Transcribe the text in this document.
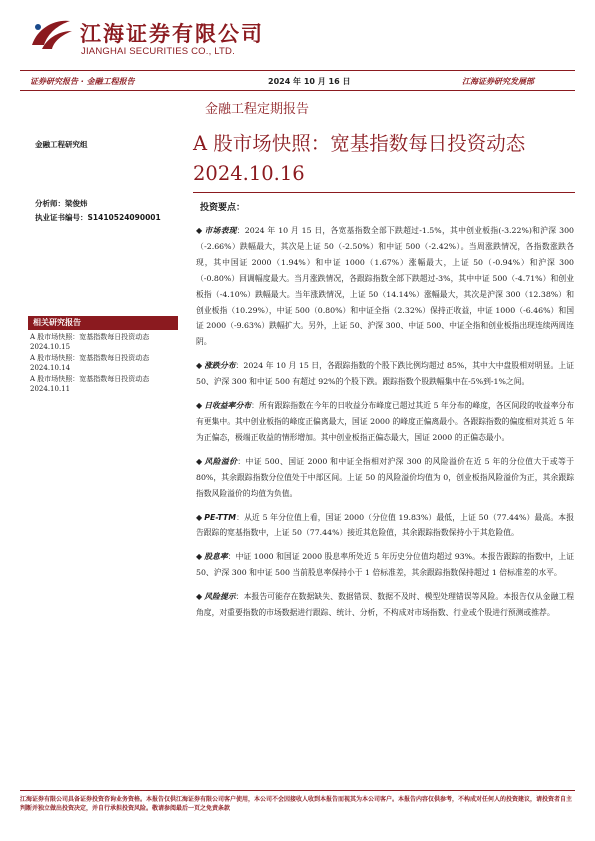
江海证券有限公司
JIANGHAI SECURITIES CO., LTD.
证券研究报告 · 金融工程报告	2024 年 10 月 16 日	江海证券研究发展部
金融工程定期报告
A 股市场快照：宽基指数每日投资动态
2024.10.16
金融工程研究组
分析师：梁俊炜
执业证书编号：S1410524090001
相关研究报告
A 股市场快照：宽基指数每日投资动态 2024.10.15
A 股市场快照：宽基指数每日投资动态 2024.10.14
A 股市场快照：宽基指数每日投资动态 2024.10.11
投资要点：
◆ 市场表现：2024 年 10 月 15 日，各宽基指数全部下跌超过-1.5%，其中创业板指(-3.22%)和沪深 300（-2.66%）跌幅最大，其次是上证 50（-2.50%）和中证 500（-2.42%）。当周涨跌情况，各指数涨跌各现，其中国证 2000（1.94%）和中证 1000（1.67%）涨幅最大，上证 50（-0.94%）和沪深 300（-0.80%）回调幅度最大。当月涨跌情况，各跟踪指数全部下跌超过-3%，其中中证 500（-4.71%）和创业板指（-4.10%）跌幅最大。当年涨跌情况，上证 50（14.14%）涨幅最大，其次是沪深 300（12.38%）和创业板指（10.29%），中证 500（0.80%）和中证全指（2.32%）保持正收益，中证 1000（-6.46%）和国证 2000（-9.63%）跌幅扩大。另外，上证 50、沪深 300、中证 500、中证全指和创业板指出现连续两周连阴。
◆ 涨跌分布：2024 年 10 月 15 日，各跟踪指数的个股下跌比例均超过 85%，其中大中盘股相对明显。上证 50、沪深 300 和中证 500 有超过 92%的个股下跌。跟踪指数个股跌幅集中在-5%到-1%之间。
◆ 日收益率分布：所有跟踪指数在今年的日收益分布峰度已超过其近 5 年分布的峰度，各区间段的收益率分布有更集中。其中创业板指的峰度正偏离最大，国证 2000 的峰度正偏离最小。各跟踪指数的偏度相对其近 5 年为正偏态，极端正收益的情形增加。其中创业板指正偏态最大，国证 2000 的正偏态最小。
◆ 风险溢价：中证 500、国证 2000 和中证全指相对沪深 300 的风险溢价在近 5 年的分位值大于或等于 80%，其余跟踪指数分位值处于中部区间。上证 50 的风险溢价均值为 0，创业板指风险溢价为正，其余跟踪指数风险溢价的均值为负值。
◆ PE-TTM：从近 5 年分位值上看，国证 2000（分位值 19.83%）最低，上证 50（77.44%）最高。本报告跟踪的宽基指数中，上证 50（77.44%）接近其危险值，其余跟踪指数保持小于其危险值。
◆ 股息率：中证 1000 和国证 2000 股息率所处近 5 年历史分位值均超过 93%。本报告跟踪的指数中，上证 50、沪深 300 和中证 500 当前股息率保持小于 1 倍标准差，其余跟踪指数保持超过 1 倍标准差的水平。
◆ 风险提示：本报告可能存在数据缺失、数据错误、数据不及时、模型处理错误等风险。本报告仅从金融工程角度，对重要指数的市场数据进行跟踪、统计、分析，不构成对市场指数、行业或个股进行预测或推荐。
江海证券有限公司具备证券投资咨询业务资格。本报告仅供江海证券有限公司客户使用，本公司不会因接收人收到本报告而视其为本公司客户。本报告内容仅供参考，不构成对任何人的投资建议，请投资者自主判断并独立做出投资决定，并自行承担投资风险。敬请参阅最后一页之免责条款
